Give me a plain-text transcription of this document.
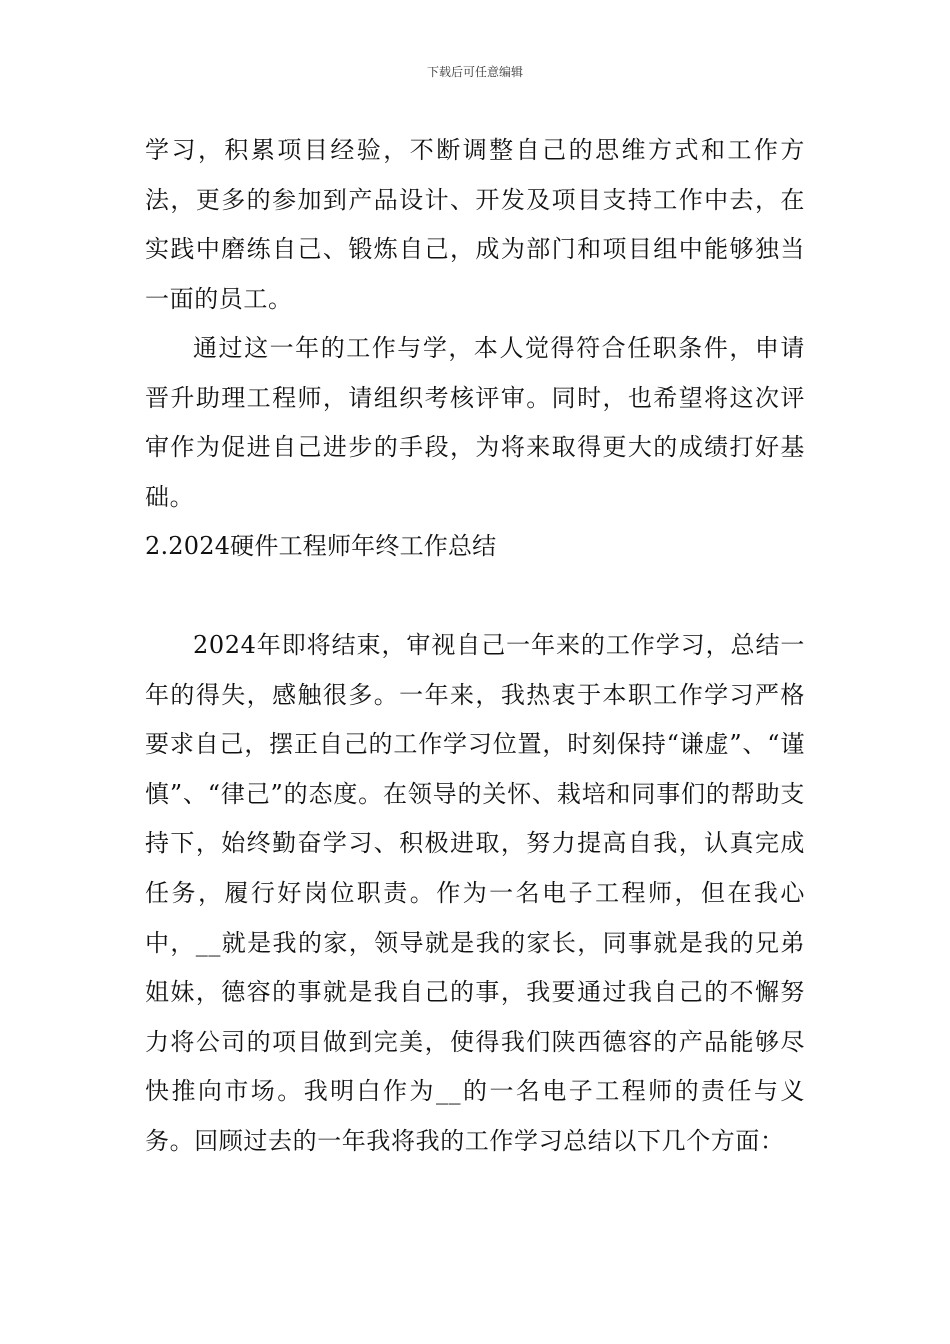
下载后可任意编辑

学习，积累项目经验，不断调整自己的思维方式和工作方法，更多的参加到产品设计、开发及项目支持工作中去，在实践中磨练自己、锻炼自己，成为部门和项目组中能够独当一面的员工。

通过这一年的工作与学，本人觉得符合任职条件，申请晋升助理工程师，请组织考核评审。同时，也希望将这次评审作为促进自己进步的手段，为将来取得更大的成绩打好基础。

2.2024硬件工程师年终工作总结

2024年即将结束，审视自己一年来的工作学习，总结一年的得失，感触很多。一年来，我热衷于本职工作学习严格要求自己，摆正自己的工作学习位置，时刻保持“谦虚”、“谨慎”、“律己”的态度。在领导的关怀、栽培和同事们的帮助支持下，始终勤奋学习、积极进取，努力提高自我，认真完成任务，履行好岗位职责。作为一名电子工程师，但在我心中，__就是我的家，领导就是我的家长，同事就是我的兄弟姐妹，德容的事就是我自己的事，我要通过我自己的不懈努力将公司的项目做到完美，使得我们陕西德容的产品能够尽快推向市场。我明白作为__的一名电子工程师的责任与义务。回顾过去的一年我将我的工作学习总结以下几个方面：
